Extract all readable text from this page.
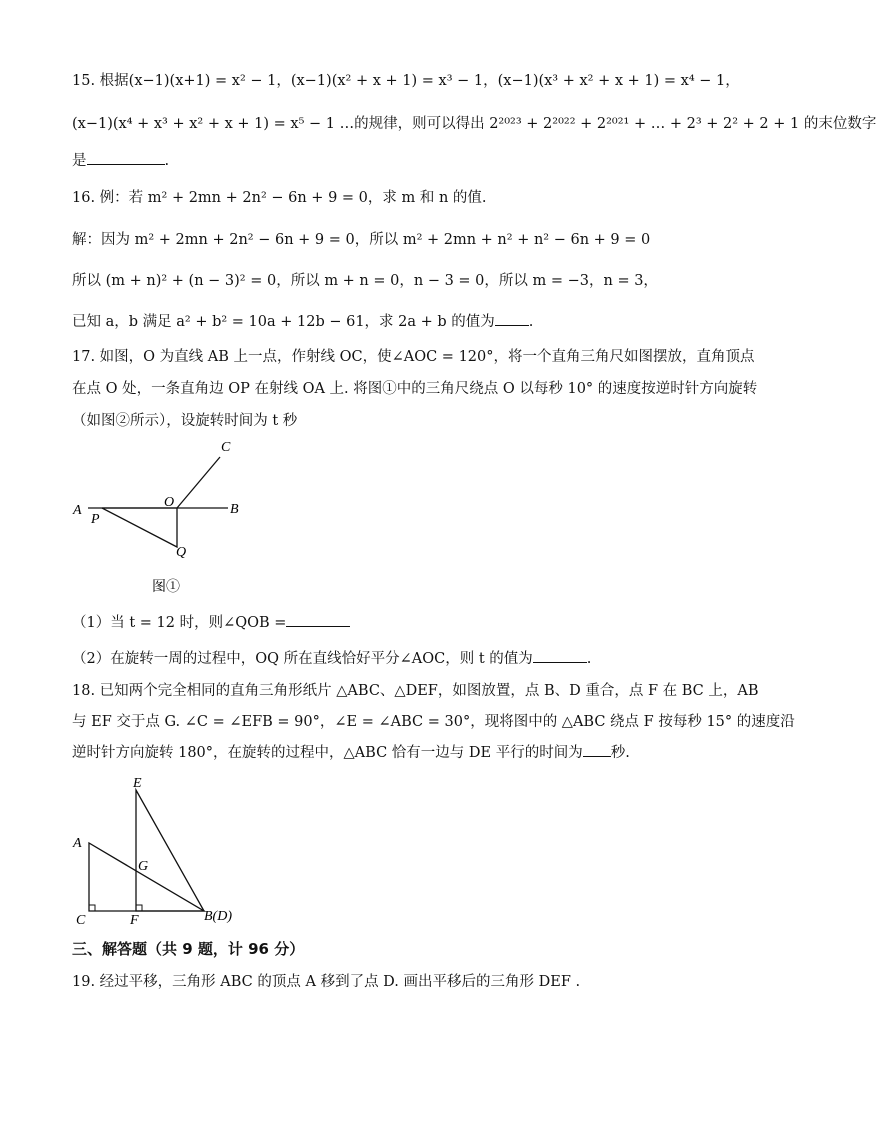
15. 根据(x−1)(x+1) = x² − 1，(x−1)(x² + x + 1) = x³ − 1，(x−1)(x³ + x² + x + 1) = x⁴ − 1，
(x−1)(x⁴ + x³ + x² + x + 1) = x⁵ − 1 …的规律，则可以得出 2²⁰²³ + 2²⁰²² + 2²⁰²¹ + … + 2³ + 2² + 2 + 1 的末位数字
是	.
16. 例：若 m² + 2mn + 2n² − 6n + 9 = 0，求 m 和 n 的值.
解：因为 m² + 2mn + 2n² − 6n + 9 = 0，所以 m² + 2mn + n² + n² − 6n + 9 = 0
所以 (m + n)² + (n − 3)² = 0，所以 m + n = 0，n − 3 = 0，所以 m = −3，n = 3，
已知 a，b 满足 a² + b² = 10a + 12b − 61，求 2a + b 的值为 .
17. 如图，O 为直线 AB 上一点，作射线 OC，使∠AOC = 120°，将一个直角三角尺如图摆放，直角顶点
在点 O 处，一条直角边 OP 在射线 OA 上. 将图①中的三角尺绕点 O 以每秒 10° 的速度按逆时针方向旋转
（如图②所示），设旋转时间为 t 秒
A
P
O	B
C
Q
图①
（1）当 t = 12 时，则∠QOB =
（2）在旋转一周的过程中，OQ 所在直线恰好平分∠AOC，则 t 的值为	.
18. 已知两个完全相同的直角三角形纸片 △ABC、△DEF，如图放置，点 B、D 重合，点 F 在 BC 上，AB
与 EF 交于点 G. ∠C = ∠EFB = 90°，∠E = ∠ABC = 30°，现将图中的 △ABC 绕点 F 按每秒 15° 的速度沿
逆时针方向旋转 180°，在旋转的过程中，△ABC 恰有一边与 DE 平行的时间为 秒.
E
A
G
C	F	B(D)
三、解答题（共 9 题，计 96 分）
19. 经过平移，三角形 ABC 的顶点 A 移到了点 D. 画出平移后的三角形 DEF .
